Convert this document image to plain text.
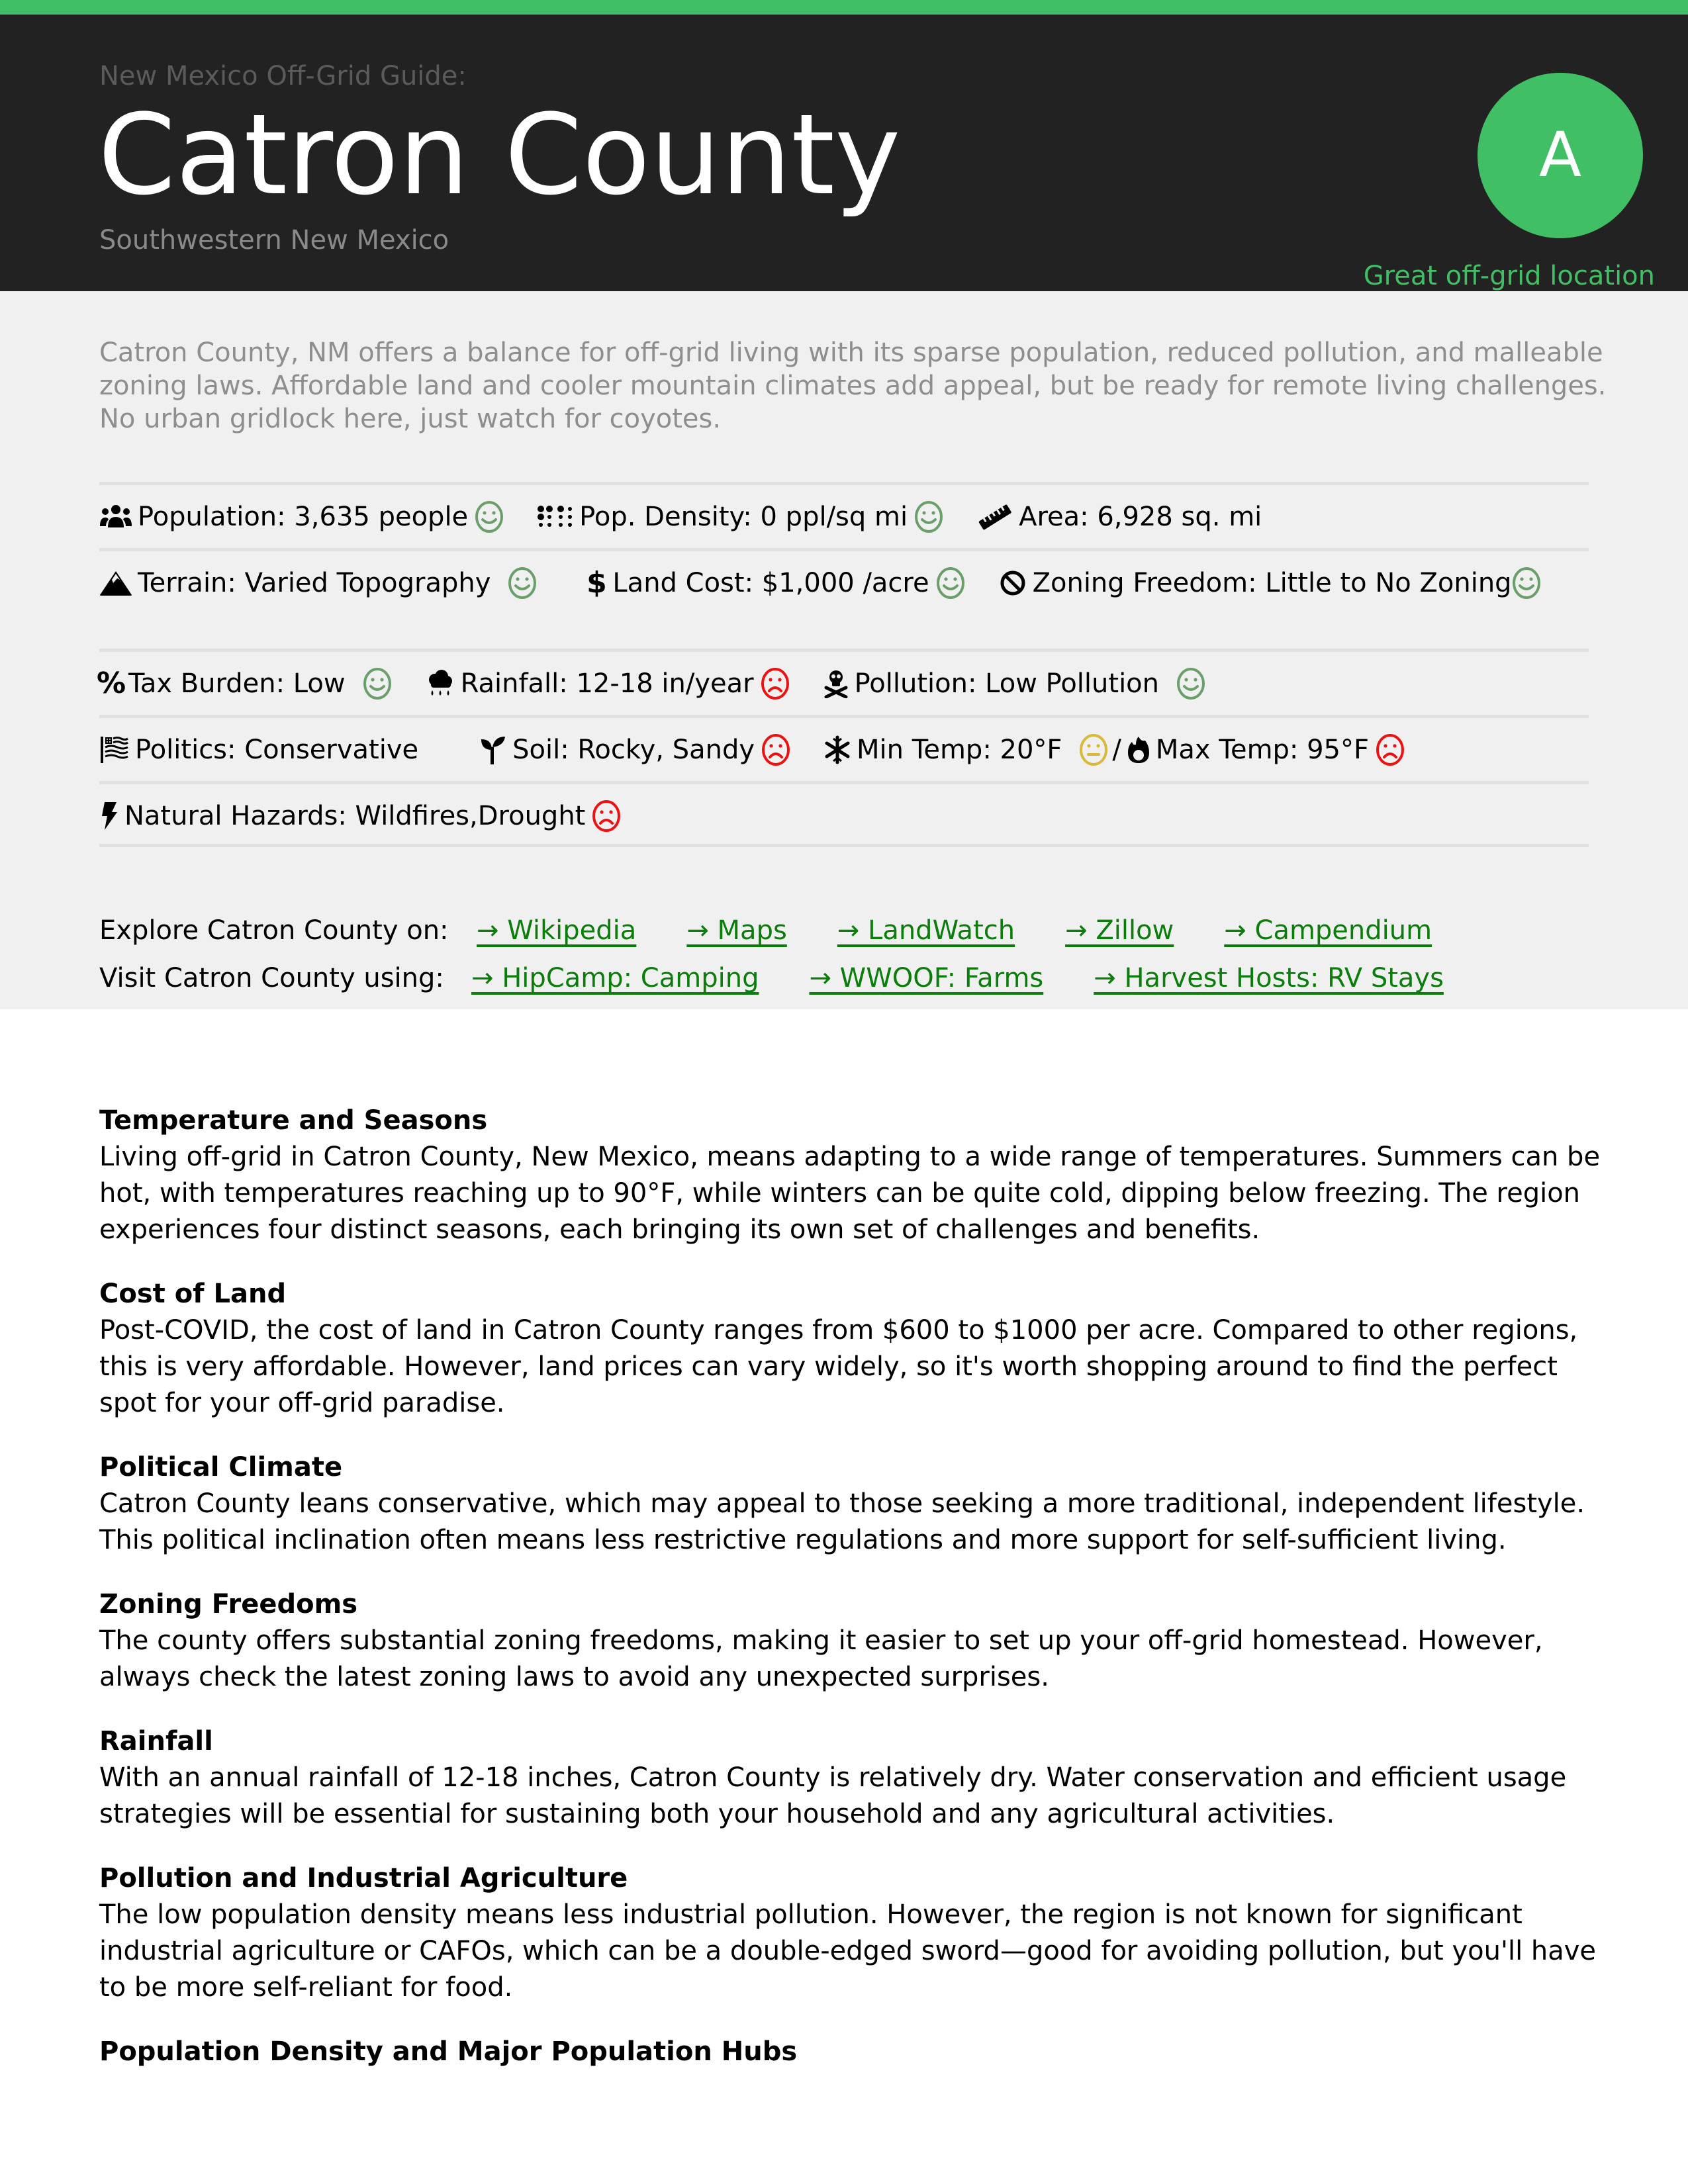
New Mexico Off-Grid Guide:
Catron County
Southwestern New Mexico
A
Great off-grid location

Catron County, NM offers a balance for off-grid living with its sparse population, reduced pollution, and malleable zoning laws. Affordable land and cooler mountain climates add appeal, but be ready for remote living challenges. No urban gridlock here, just watch for coyotes.

Population: 3,635 people	Pop. Density: 0 ppl/sq mi	Area: 6,928 sq. mi
Terrain: Varied Topography	$ Land Cost: $1,000 /acre	Zoning Freedom: Little to No Zoning
% Tax Burden: Low	Rainfall: 12-18 in/year	Pollution: Low Pollution
Politics: Conservative	Soil: Rocky, Sandy	Min Temp: 20°F / Max Temp: 95°F
Natural Hazards: Wildfires,Drought
Explore Catron County on:	→ Wikipedia → Maps → LandWatch → Zillow → Campendium
Visit Catron County using:	→ HipCamp: Camping → WWOOF: Farms → Harvest Hosts: RV Stays
Temperature and Seasons

Living off-grid in Catron County, New Mexico, means adapting to a wide range of temperatures. Summers can be hot, with temperatures reaching up to 90°F, while winters can be quite cold, dipping below freezing. The region experiences four distinct seasons, each bringing its own set of challenges and benefits.

Cost of Land

Post-COVID, the cost of land in Catron County ranges from $600 to $1000 per acre. Compared to other regions, this is very affordable. However, land prices can vary widely, so it's worth shopping around to find the perfect spot for your off-grid paradise.

Political Climate

Catron County leans conservative, which may appeal to those seeking a more traditional, independent lifestyle. This political inclination often means less restrictive regulations and more support for self-sufficient living.

Zoning Freedoms

The county offers substantial zoning freedoms, making it easier to set up your off-grid homestead. However, always check the latest zoning laws to avoid any unexpected surprises.

Rainfall

With an annual rainfall of 12-18 inches, Catron County is relatively dry. Water conservation and efficient usage strategies will be essential for sustaining both your household and any agricultural activities.

Pollution and Industrial Agriculture

The low population density means less industrial pollution. However, the region is not known for significant industrial agriculture or CAFOs, which can be a double-edged sword—good for avoiding pollution, but you'll have to be more self-reliant for food.

Population Density and Major Population Hubs
